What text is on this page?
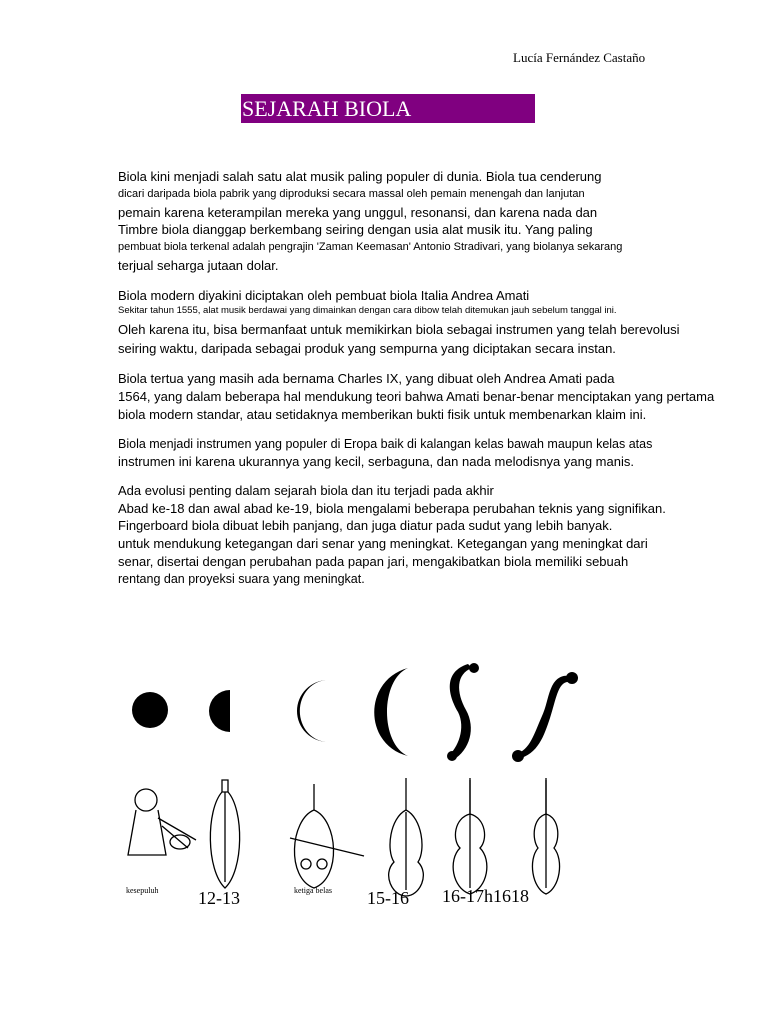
Lucía Fernández Castaño
SEJARAH BIOLA
Biola kini menjadi salah satu alat musik paling populer di dunia. Biola tua cenderung
dicari daripada biola pabrik yang diproduksi secara massal oleh pemain menengah dan lanjutan
pemain karena keterampilan mereka yang unggul, resonansi, dan karena nada dan
Timbre biola dianggap berkembang seiring dengan usia alat musik itu. Yang paling
pembuat biola terkenal adalah pengrajin 'Zaman Keemasan' Antonio Stradivari, yang biolanya sekarang
terjual seharga jutaan dolar.
Biola modern diyakini diciptakan oleh pembuat biola Italia Andrea Amati
Sekitar tahun 1555, alat musik berdawai yang dimainkan dengan cara dibow telah ditemukan jauh sebelum tanggal ini.
Oleh karena itu, bisa bermanfaat untuk memikirkan biola sebagai instrumen yang telah berevolusi
seiring waktu, daripada sebagai produk yang sempurna yang diciptakan secara instan.
Biola tertua yang masih ada bernama Charles IX, yang dibuat oleh Andrea Amati pada
1564, yang dalam beberapa hal mendukung teori bahwa Amati benar-benar menciptakan yang pertama
biola modern standar, atau setidaknya memberikan bukti fisik untuk membenarkan klaim ini.
Biola menjadi instrumen yang populer di Eropa baik di kalangan kelas bawah maupun kelas atas
instrumen ini karena ukurannya yang kecil, serbaguna, dan nada melodisnya yang manis.
Ada evolusi penting dalam sejarah biola dan itu terjadi pada akhir
Abad ke-18 dan awal abad ke-19, biola mengalami beberapa perubahan teknis yang signifikan.
Fingerboard biola dibuat lebih panjang, dan juga diatur pada sudut yang lebih banyak.
untuk mendukung ketegangan dari senar yang meningkat. Ketegangan yang meningkat dari
senar, disertai dengan perubahan pada papan jari, mengakibatkan biola memiliki sebuah
rentang dan proyeksi suara yang meningkat.
kesepuluh 12-13	ketiga belas 15-16 16-17h1618
